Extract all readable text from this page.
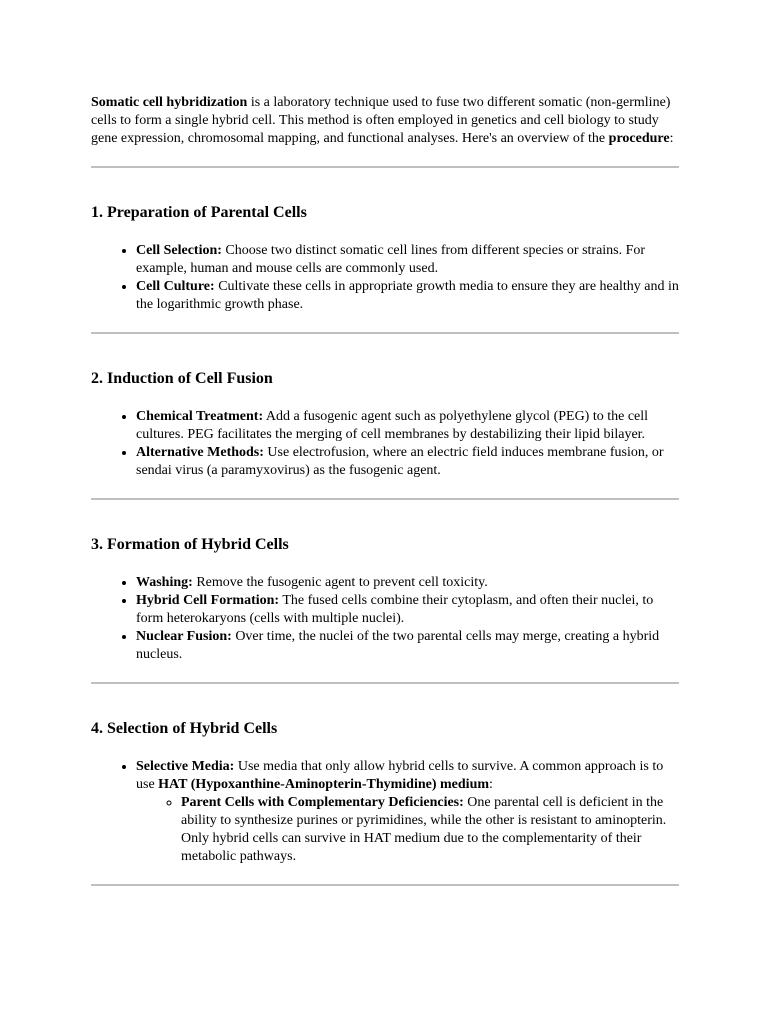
Somatic cell hybridization is a laboratory technique used to fuse two different somatic (non-germline) cells to form a single hybrid cell. This method is often employed in genetics and cell biology to study gene expression, chromosomal mapping, and functional analyses. Here's an overview of the procedure:

1. Preparation of Parental Cells
• Cell Selection: Choose two distinct somatic cell lines from different species or strains. For example, human and mouse cells are commonly used.
• Cell Culture: Cultivate these cells in appropriate growth media to ensure they are healthy and in the logarithmic growth phase.
2. Induction of Cell Fusion
• Chemical Treatment: Add a fusogenic agent such as polyethylene glycol (PEG) to the cell cultures. PEG facilitates the merging of cell membranes by destabilizing their lipid bilayer.
• Alternative Methods: Use electrofusion, where an electric field induces membrane fusion, or sendai virus (a paramyxovirus) as the fusogenic agent.
3. Formation of Hybrid Cells
• Washing: Remove the fusogenic agent to prevent cell toxicity.
• Hybrid Cell Formation: The fused cells combine their cytoplasm, and often their nuclei, to form heterokaryons (cells with multiple nuclei).
• Nuclear Fusion: Over time, the nuclei of the two parental cells may merge, creating a hybrid nucleus.
4. Selection of Hybrid Cells
• Selective Media: Use media that only allow hybrid cells to survive. A common approach is to use HAT (Hypoxanthine-Aminopterin-Thymidine) medium:
◦ Parent Cells with Complementary Deficiencies: One parental cell is deficient in the ability to synthesize purines or pyrimidines, while the other is resistant to aminopterin. Only hybrid cells can survive in HAT medium due to the complementarity of their metabolic pathways.
